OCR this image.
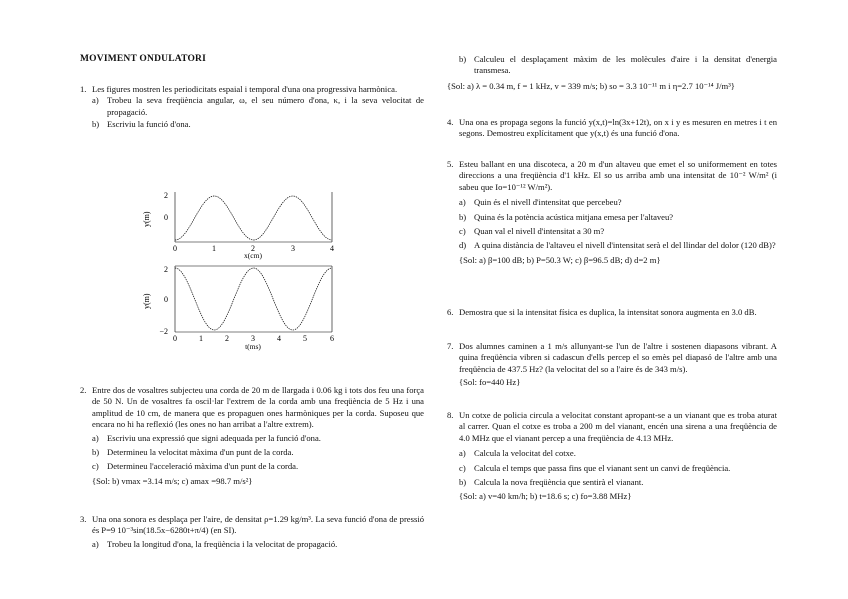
MOVIMENT ONDULATORI
1. Les figures mostren les periodicitats espaial i temporal d'una ona progressiva harmònica.
a) Trobeu la seva freqüència angular, ω, el seu número d'ona, κ, i la seva velocitat de propagació.
b) Escriviu la funció d'ona.
2. Entre dos de vosaltres subjecteu una corda de 20 m de llargada i 0.06 kg i tots dos feu una força de 50 N. Un de vosaltres fa oscil·lar l'extrem de la corda amb una freqüència de 5 Hz i una amplitud de 10 cm, de manera que es propaguen ones harmòniques per la corda. Suposeu que encara no hi ha reflexió (les ones no han arribat a l'altre extrem).
a) Escriviu una expressió que signi adequada per la funció d'ona.
b) Determineu la velocitat màxima d'un punt de la corda.
c) Determineu l'acceleració màxima d'un punt de la corda.
{Sol: b) vmax =3.14 m/s; c) amax =98.7 m/s²}
3. Una ona sonora es desplaça per l'aire, de densitat ρ=1.29 kg/m³. La seva funció d'ona de pressió és P=9 10⁻³sin(18.5x−6280t+π/4) (en SI).
a) Trobeu la longitud d'ona, la freqüència i la velocitat de propagació.
2
0
y(m)
0	1	2	3	4
x(cm)
2
0
−2
y(m)
0	1	2	3	4	5	6
t(ms)
b) Calculeu el desplaçament màxim de les molècules d'aire i la densitat d'energia transmesa.
{Sol: a) λ = 0.34 m, f = 1 kHz, v = 339 m/s; b) so = 3.3 10⁻¹¹ m i η=2.7 10⁻¹⁴ J/m³}
4. Una ona es propaga segons la funció y(x,t)=ln(3x+12t), on x i y es mesuren en metres i t en segons. Demostreu explícitament que y(x,t) és una funció d'ona.
5. Esteu ballant en una discoteca, a 20 m d'un altaveu que emet el so uniformement en totes direccions a una freqüència d'1 kHz. El so us arriba amb una intensitat de 10⁻² W/m² (i sabeu que Io=10⁻¹² W/m²).
a) Quin és el nivell d'intensitat que percebeu?
b) Quina és la potència acústica mitjana emesa per l'altaveu?
c) Quan val el nivell d'intensitat a 30 m?
d) A quina distància de l'altaveu el nivell d'intensitat serà el del llindar del dolor (120 dB)?
{Sol: a) β=100 dB; b) P=50.3 W; c) β=96.5 dB; d) d=2 m}
6. Demostra que si la intensitat física es duplica, la intensitat sonora augmenta en 3.0 dB.
7. Dos alumnes caminen a 1 m/s allunyant-se l'un de l'altre i sostenen diapasons vibrant. A quina freqüència vibren si cadascun d'ells percep el so emès pel diapasó de l'altre amb una freqüència de 437.5 Hz? (la velocitat del so a l'aire és de 343 m/s).
{Sol: fo=440 Hz}
8. Un cotxe de policia circula a velocitat constant apropant-se a un vianant que es troba aturat al carrer. Quan el cotxe es troba a 200 m del vianant, encén una sirena a una freqüència de 4.0 MHz que el vianant percep a una freqüència de 4.13 MHz.
a) Calcula la velocitat del cotxe.
c) Calcula el temps que passa fins que el vianant sent un canvi de freqüència.
b) Calcula la nova freqüència que sentirà el vianant.
{Sol: a) v=40 km/h; b) t=18.6 s; c) fo=3.88 MHz}
